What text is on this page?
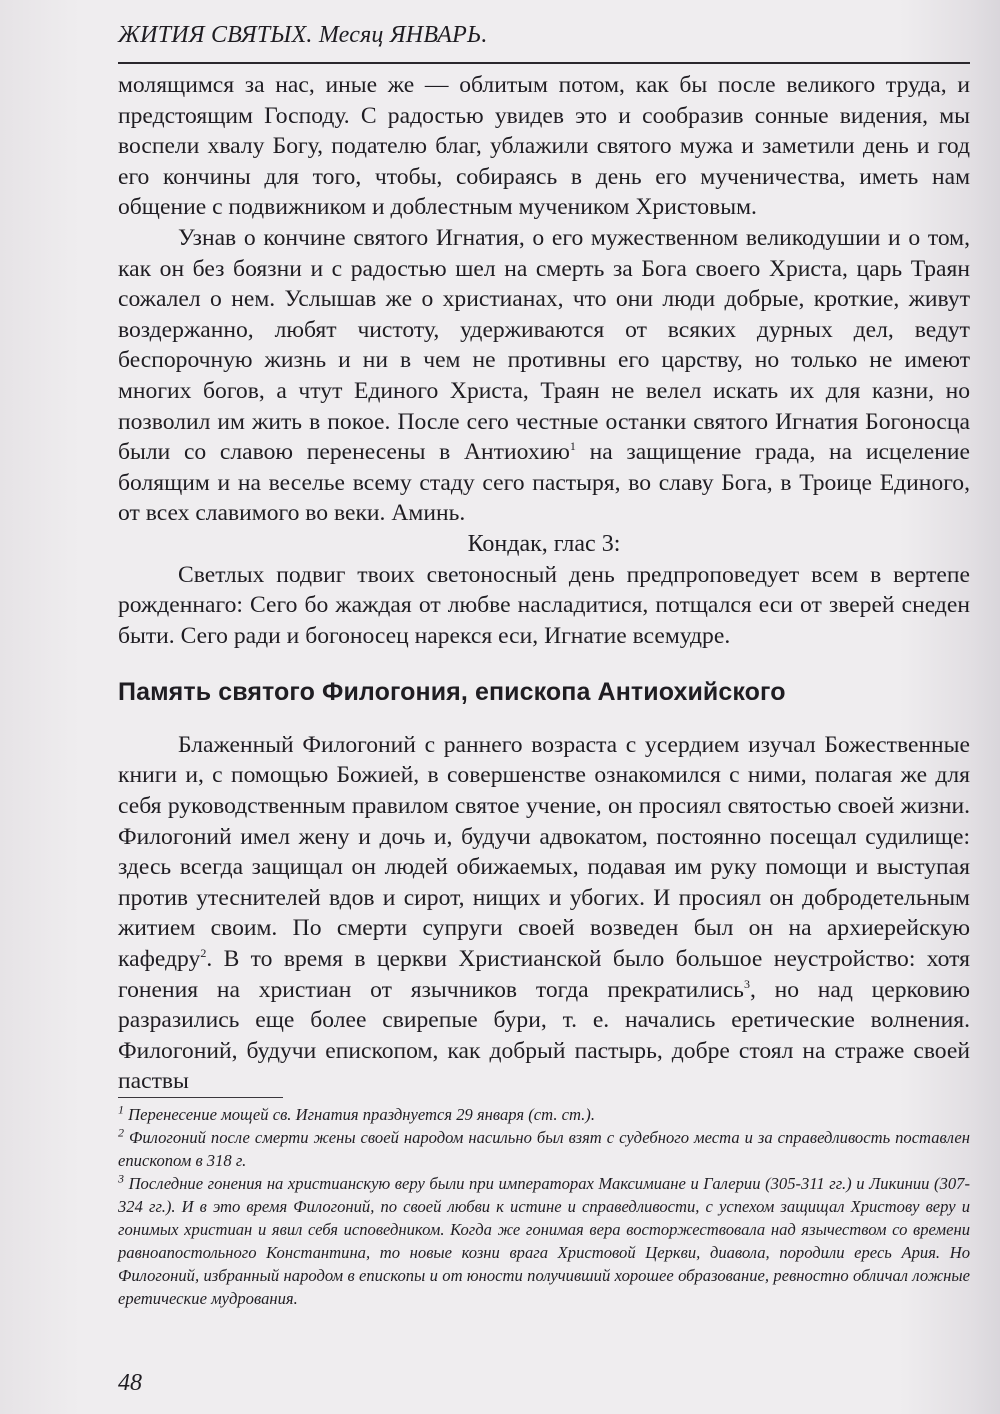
ЖИТИЯ СВЯТЫХ. Месяц ЯНВАРЬ.

молящимся за нас, иные же — облитым потом, как бы после великого труда, и предстоящим Господу. С радостью увидев это и сообразив сонные видения, мы воспели хвалу Богу, подателю благ, ублажили святого мужа и заметили день и год его кончины для того, чтобы, собираясь в день его мученичества, иметь нам общение с подвижником и доблестным мучеником Христовым.

Узнав о кончине святого Игнатия, о его мужественном великодушии и о том, как он без боязни и с радостью шел на смерть за Бога своего Христа, царь Траян сожалел о нем. Услышав же о христианах, что они люди добрые, кроткие, живут воздержанно, любят чистоту, удерживаются от всяких дурных дел, ведут беспорочную жизнь и ни в чем не противны его царству, но только не имеют многих богов, а чтут Единого Христа, Траян не велел искать их для казни, но позволил им жить в покое. После сего честные останки святого Игнатия Богоносца были со славою перенесены в Антиохию$^1$ на защищение града, на исцеление болящим и на веселье всему стаду сего пастыря, во славу Бога, в Троице Единого, от всех славимого во веки. Аминь.

Кондак, глас 3:

Светлых подвиг твоих светоносный день предпроповедует всем в вертепе рожденнаго: Сего бо жаждая от любве насладитися, потщался еси от зверей снеден быти. Сего ради и богоносец нарекся еси, Игнатие всемудре.

Память святого Филогония, епископа Антиохийского

Блаженный Филогоний с раннего возраста с усердием изучал Божественные книги и, с помощью Божией, в совершенстве ознакомился с ними, полагая же для себя руководственным правилом святое учение, он просиял святостью своей жизни. Филогоний имел жену и дочь и, будучи адвокатом, постоянно посещал судилище: здесь всегда защищал он людей обижаемых, подавая им руку помощи и выступая против утеснителей вдов и сирот, нищих и убогих. И просиял он добродетельным житием своим. По смерти супруги своей возведен был он на архиерейскую кафедру$^2$. В то время в церкви Христианской было большое неустройство: хотя гонения на христиан от язычников тогда прекратились$^3$, но над церковию разразились еще более свирепые бури, т. е. начались еретические волнения. Филогоний, будучи епископом, как добрый пастырь, добре стоял на страже своей паствы

$^1$ Перенесение мощей св. Игнатия празднуется 29 января (ст. ст.).

$^2$ Филогоний после смерти жены своей народом насильно был взят с судебного места и за справедливость поставлен епископом в 318 г.

$^3$ Последние гонения на христианскую веру были при императорах Максимиане и Галерии (305-311 гг.) и Ликинии (307-324 гг.). И в это время Филогоний, по своей любви к истине и справедливости, с успехом защищал Христову веру и гонимых христиан и явил себя исповедником. Когда же гонимая вера восторжествовала над язычеством со времени равноапостольного Константина, то новые козни врага Христовой Церкви, диавола, породили ересь Ария. Но Филогоний, избранный народом в епископы и от юности получивший хорошее образование, ревностно обличал ложные еретические мудрования.

48
